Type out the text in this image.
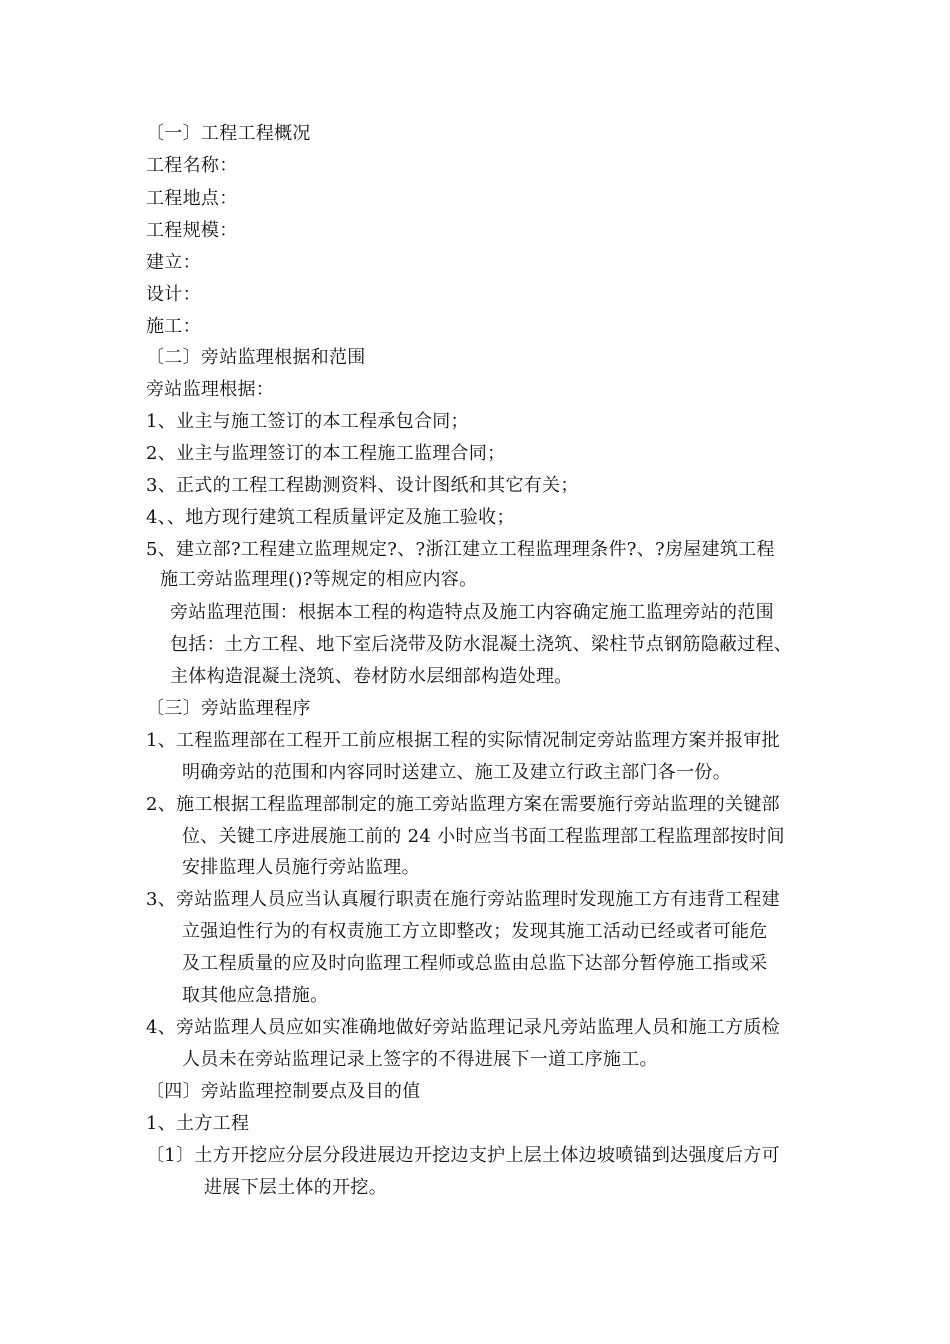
〔一〕工程工程概况
工程名称：
工程地点：
工程规模：
建立：
设计：
施工：
〔二〕旁站监理根据和范围
旁站监理根据：
1、业主与施工签订的本工程承包合同；
2、业主与监理签订的本工程施工监理合同；
3、正式的工程工程勘测资料、设计图纸和其它有关；
4、、地方现行建筑工程质量评定及施工验收；
5、建立部?工程建立监理规定?、?浙江建立工程监理理条件?、?房屋建筑工程
施工旁站监理理()?等规定的相应内容。
旁站监理范围：根据本工程的构造特点及施工内容确定施工监理旁站的范围
包括：土方工程、地下室后浇带及防水混凝土浇筑、梁柱节点钢筋隐蔽过程、
主体构造混凝土浇筑、卷材防水层细部构造处理。
〔三〕旁站监理程序
1、工程监理部在工程开工前应根据工程的实际情况制定旁站监理方案并报审批
明确旁站的范围和内容同时送建立、施工及建立行政主部门各一份。
2、施工根据工程监理部制定的施工旁站监理方案在需要施行旁站监理的关键部
位、关键工序进展施工前的 24 小时应当书面工程监理部工程监理部按时间
安排监理人员施行旁站监理。
3、旁站监理人员应当认真履行职责在施行旁站监理时发现施工方有违背工程建
立强迫性行为的有权责施工方立即整改；发现其施工活动已经或者可能危
及工程质量的应及时向监理工程师或总监由总监下达部分暂停施工指或采
取其他应急措施。
4、旁站监理人员应如实准确地做好旁站监理记录凡旁站监理人员和施工方质检
人员未在旁站监理记录上签字的不得进展下一道工序施工。
〔四〕旁站监理控制要点及目的值
1、土方工程
〔1〕土方开挖应分层分段进展边开挖边支护上层土体边坡喷锚到达强度后方可
进展下层土体的开挖。
